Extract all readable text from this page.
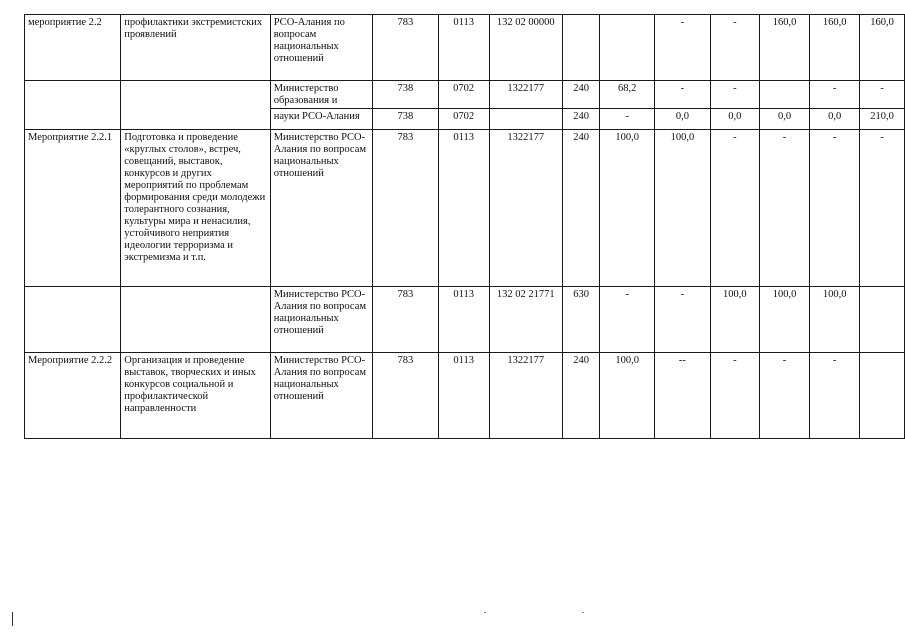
мероприятие 2.2	профилактики экстремистских проявлений	РСО-Алания по вопросам национальных отношений	783	0113	132 02 00000			-	-	160,0	160,0	160,0
		Министерство образования и	738	0702	1322177	240	68,2	-	-		-	-
		науки РСО-Алания	738	0702		240	-	0,0	0,0	0,0	0,0	210,0
Мероприятие 2.2.1	Подготовка и проведение «круглых столов», встреч, совещаний, выставок, конкурсов и других мероприятий по проблемам формирования среди молодежи толерантного сознания, культуры мира и ненасилия, устойчивого неприятия идеологии терроризма и экстремизма и т.п.	Министерство РСО-Алания по вопросам национальных отношений	783	0113	1322177	240	100,0	100,0	-	-	-	-
		Министерство РСО-Алания по вопросам национальных отношений	783	0113	132 02 21771	630	-	-	100,0	100,0	100,0	
Мероприятие 2.2.2	Организация и проведение выставок, творческих и иных конкурсов социальной и профилактической направленности	Министерство РСО-Алания по вопросам национальных отношений	783	0113	1322177	240	100,0	--	-	-	-	
